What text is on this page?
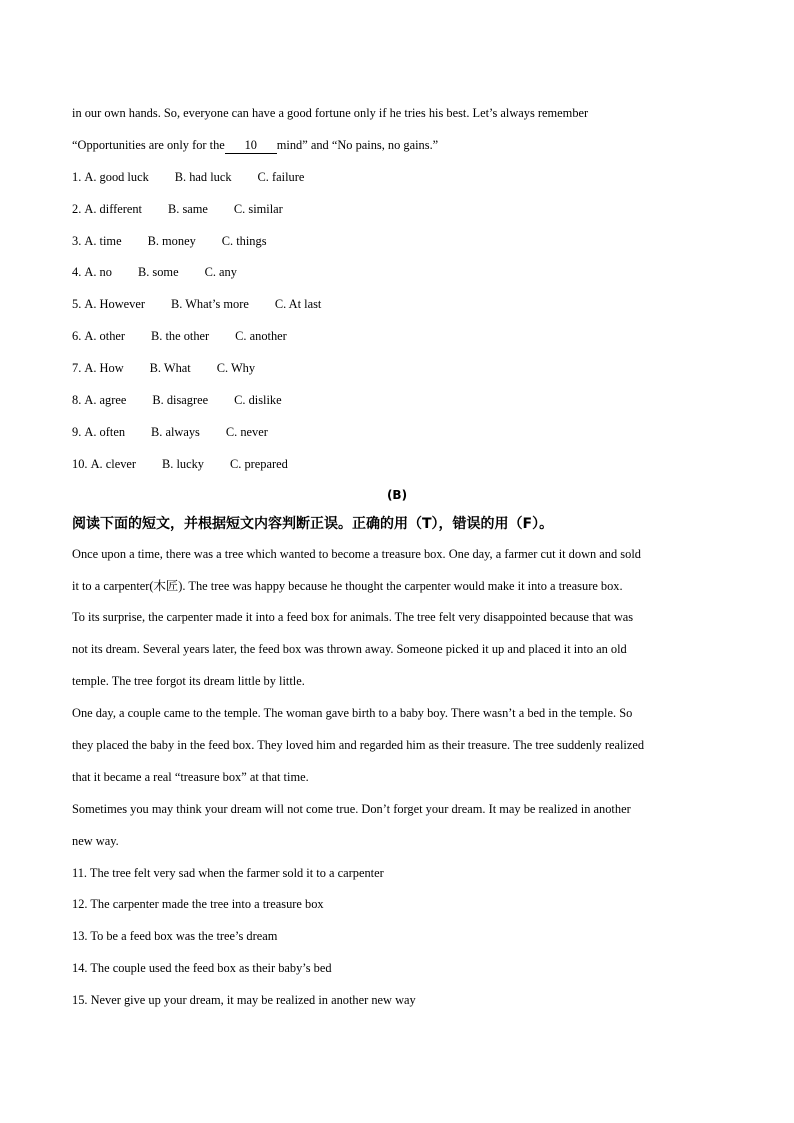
in our own hands. So, everyone can have a good fortune only if he tries his best. Let’s always remember
“Opportunities are only for the 10 mind” and “No pains, no gains.”
1. A. good luck B. had luck C. failure
2. A. different B. same C. similar
3. A. time B. money C. things
4. A. no B. some C. any
5. A. However B. What’s more C. At last
6. A. other B. the other C. another
7. A. How B. What C. Why
8. A. agree B. disagree C. dislike
9. A. often B. always C. never
10. A. clever B. lucky C. prepared
(B)
阅读下面的短文，并根据短文内容判断正误。正确的用（T），错误的用（F）。
Once upon a time, there was a tree which wanted to become a treasure box. One day, a farmer cut it down and sold
it to a carpenter(木匠). The tree was happy because he thought the carpenter would make it into a treasure box.
To its surprise, the carpenter made it into a feed box for animals. The tree felt very disappointed because that was
not its dream. Several years later, the feed box was thrown away. Someone picked it up and placed it into an old
temple. The tree forgot its dream little by little.
One day, a couple came to the temple. The woman gave birth to a baby boy. There wasn’t a bed in the temple. So
they placed the baby in the feed box. They loved him and regarded him as their treasure. The tree suddenly realized
that it became a real “treasure box” at that time.
Sometimes you may think your dream will not come true. Don’t forget your dream. It may be realized in another
new way.
11. The tree felt very sad when the farmer sold it to a carpenter
12. The carpenter made the tree into a treasure box
13. To be a feed box was the tree’s dream
14. The couple used the feed box as their baby’s bed
15. Never give up your dream, it may be realized in another new way
